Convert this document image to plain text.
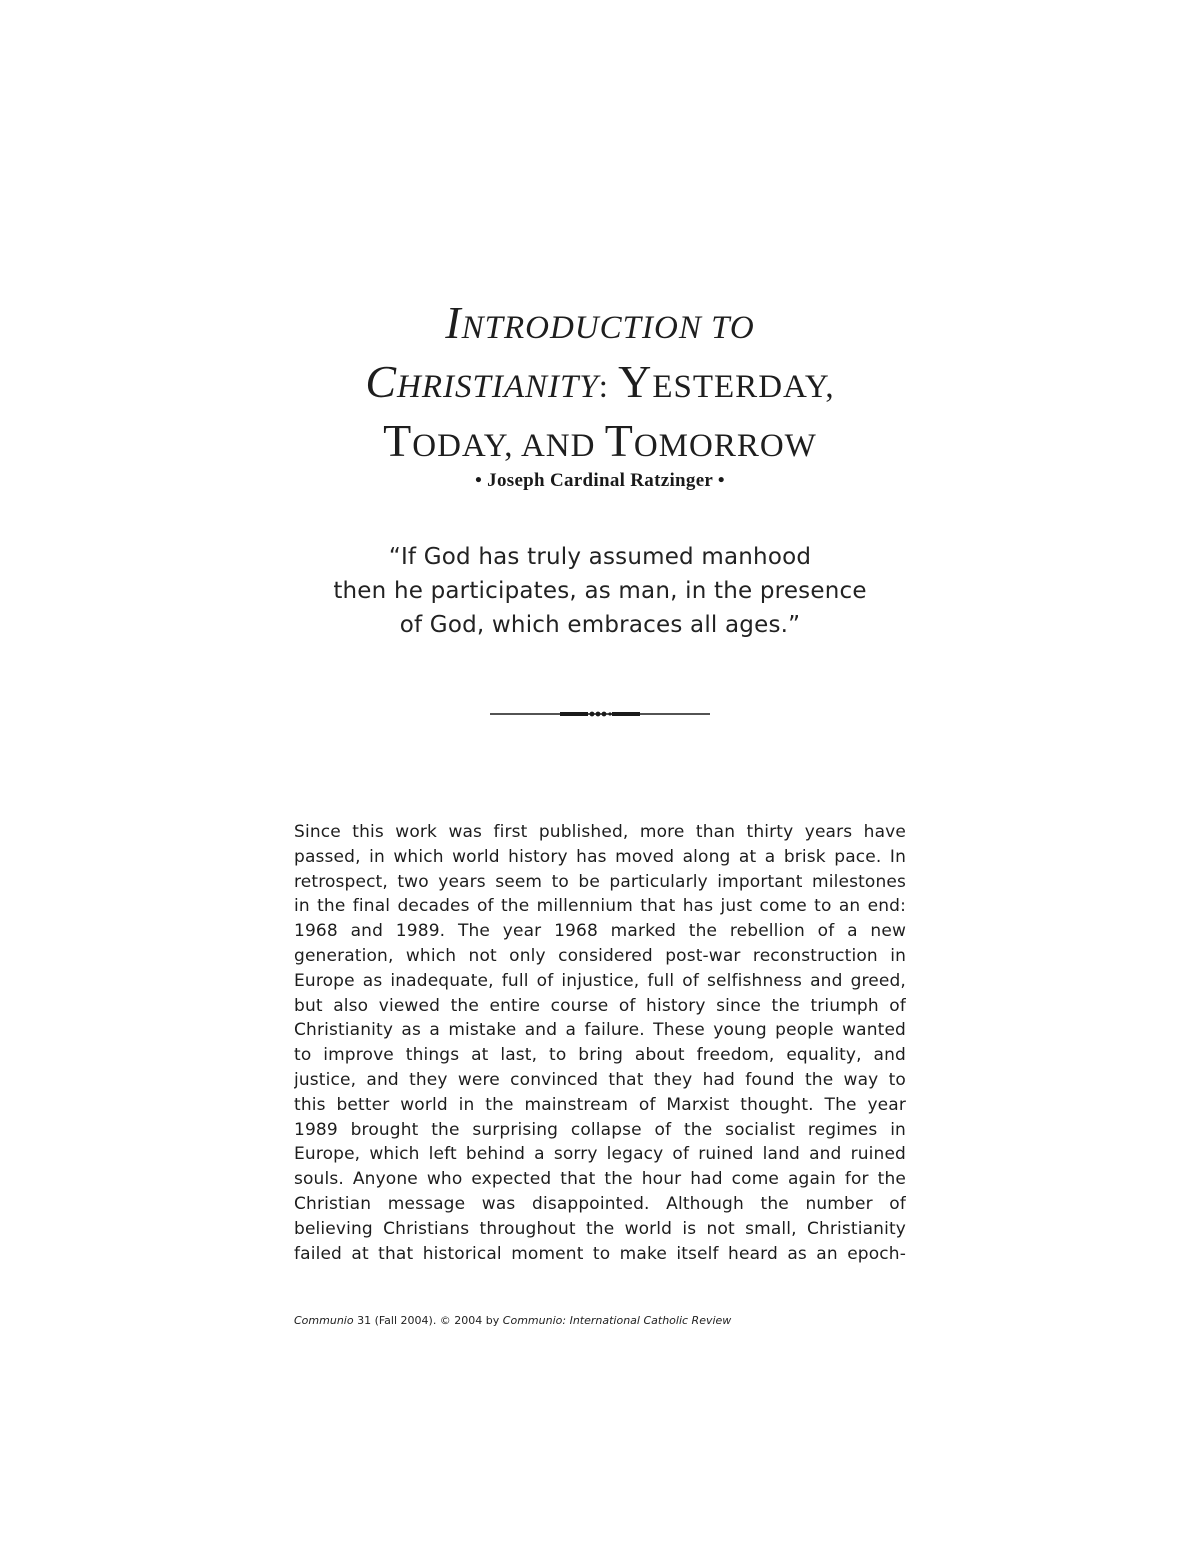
INTRODUCTION TO
CHRISTIANITY: YESTERDAY,
TODAY, AND TOMORROW
• Joseph Cardinal Ratzinger •
“If God has truly assumed manhood
then he participates, as man, in the presence
of God, which embraces all ages.”
Since this work was first published, more than thirty years have
passed, in which world history has moved along at a brisk pace. In
retrospect, two years seem to be particularly important milestones
in the final decades of the millennium that has just come to an end:
1968 and 1989. The year 1968 marked the rebellion of a new
generation, which not only considered post-war reconstruction in
Europe as inadequate, full of injustice, full of selfishness and greed,
but also viewed the entire course of history since the triumph of
Christianity as a mistake and a failure. These young people wanted
to improve things at last, to bring about freedom, equality, and
justice, and they were convinced that they had found the way to
this better world in the mainstream of Marxist thought. The year
1989 brought the surprising collapse of the socialist regimes in
Europe, which left behind a sorry legacy of ruined land and ruined
souls. Anyone who expected that the hour had come again for the
Christian message was disappointed. Although the number of
believing Christians throughout the world is not small, Christianity
failed at that historical moment to make itself heard as an epoch-
Communio 31 (Fall 2004). © 2004 by Communio: International Catholic Review
